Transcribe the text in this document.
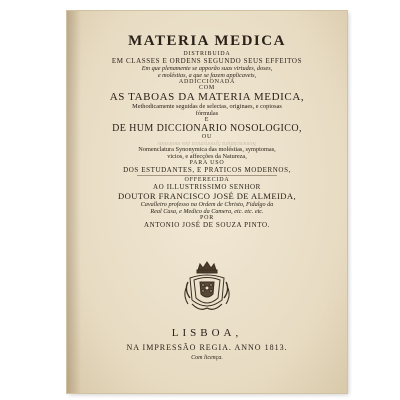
MATERIA MEDICA
DISTRIBUIDA
EM CLASSES E ORDENS SEGUNDO SEUS EFFEITOS
Em que plenamente se apporão suas virtudes, doses,
e moléstias, a que se fazem applicaveis,
ADDICCIONADA
COM
AS TABOAS DA MATERIA MEDICA,
Methodicamente seguidas de selectas, originaes, e copiosas
fórmulas
E
DE HUM DICCIONARIO NOSOLOGICO,
OU
Nomenclatura Synonymica das molestias
Nomenclatura Synonymica das moléstias, symptomas,
vicios, e affecções da Natureza,
PARA USO
DOS ESTUDANTES, E PRATICOS MODERNOS,
OFFERECIDA
AO ILLUSTRISSIMO SENHOR
DOUTOR FRANCISCO JOSÉ DE ALMEIDA,
Cavalleiro professo na Ordem de Christo, Fidalgo da
Real Casa, e Medico da Camera, etc. etc. etc.
POR
ANTONIO JOSÉ DE SOUZA PINTO.
LISBOA,
NA IMPRESSÃO REGIA. ANNO 1813.
Com licença.
